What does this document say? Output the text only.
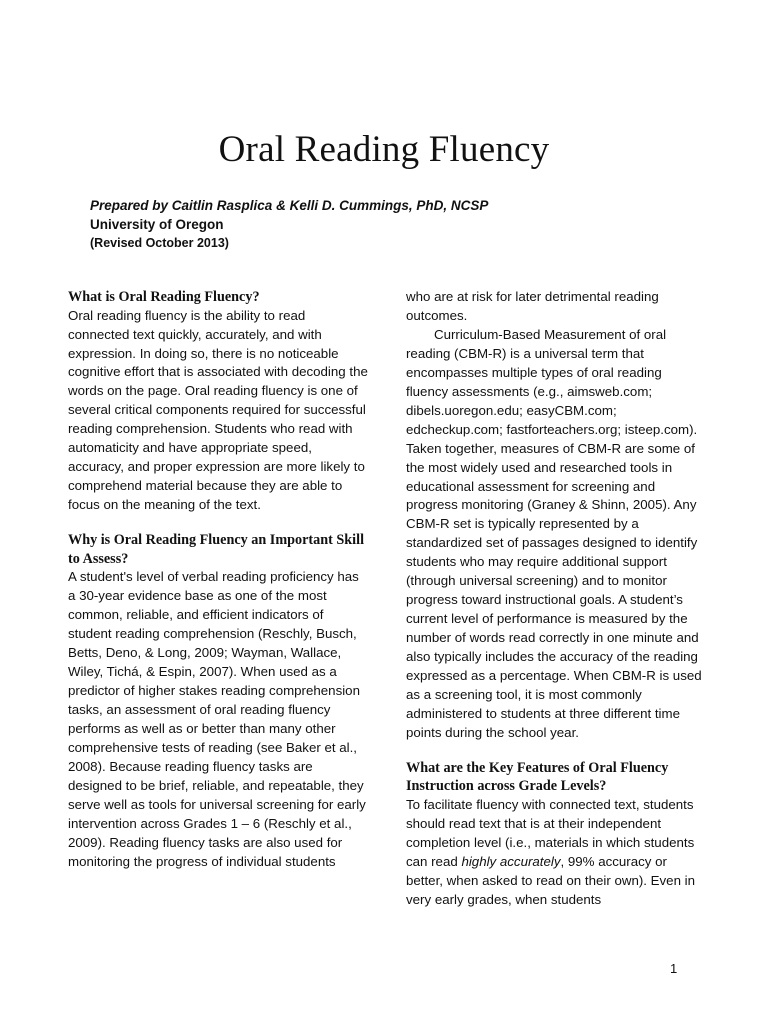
Oral Reading Fluency
Prepared by Caitlin Rasplica & Kelli D. Cummings, PhD, NCSP
University of Oregon
(Revised October 2013)
What is Oral Reading Fluency?

Oral reading fluency is the ability to read connected text quickly, accurately, and with expression. In doing so, there is no noticeable cognitive effort that is associated with decoding the words on the page. Oral reading fluency is one of several critical components required for successful reading comprehension. Students who read with automaticity and have appropriate speed, accuracy, and proper expression are more likely to comprehend material because they are able to focus on the meaning of the text.

Why is Oral Reading Fluency an Important Skill to Assess?

A student's level of verbal reading proficiency has a 30-year evidence base as one of the most common, reliable, and efficient indicators of student reading comprehension (Reschly, Busch, Betts, Deno, & Long, 2009; Wayman, Wallace, Wiley, Tichá, & Espin, 2007). When used as a predictor of higher stakes reading comprehension tasks, an assessment of oral reading fluency performs as well as or better than many other comprehensive tests of reading (see Baker et al., 2008). Because reading fluency tasks are designed to be brief, reliable, and repeatable, they serve well as tools for universal screening for early intervention across Grades 1 – 6 (Reschly et al., 2009). Reading fluency tasks are also used for monitoring the progress of individual students

who are at risk for later detrimental reading outcomes.

Curriculum-Based Measurement of oral reading (CBM-R) is a universal term that encompasses multiple types of oral reading fluency assessments (e.g., aimsweb.com; dibels.uoregon.edu; easyCBM.com; edcheckup.com; fastforteachers.org; isteep.com). Taken together, measures of CBM-R are some of the most widely used and researched tools in educational assessment for screening and progress monitoring (Graney & Shinn, 2005). Any CBM-R set is typically represented by a standardized set of passages designed to identify students who may require additional support (through universal screening) and to monitor progress toward instructional goals. A student’s current level of performance is measured by the number of words read correctly in one minute and also typically includes the accuracy of the reading expressed as a percentage. When CBM-R is used as a screening tool, it is most commonly administered to students at three different time points during the school year.

What are the Key Features of Oral Fluency Instruction across Grade Levels?

To facilitate fluency with connected text, students should read text that is at their independent completion level (i.e., materials in which students can read highly accurately, 99% accuracy or better, when asked to read on their own). Even in very early grades, when students

1
